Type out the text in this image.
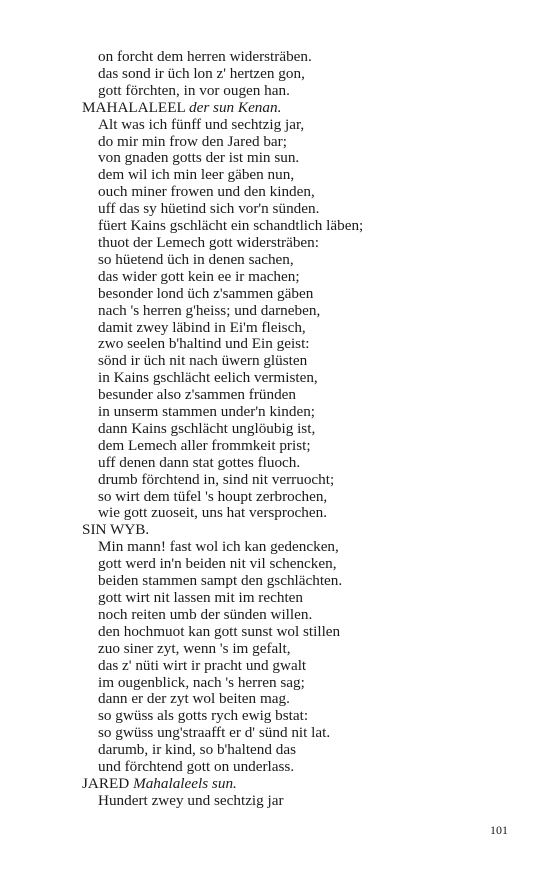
on forcht dem herren widersträben.
das sond ir üch lon z' hertzen gon,
gott förchten, in vor ougen han.
MAHALALEEL der sun Kenan.
Alt was ich fünff und sechtzig jar,
do mir min frow den Jared bar;
von gnaden gotts der ist min sun.
dem wil ich min leer gäben nun,
ouch miner frowen und den kinden,
uff das sy hüetind sich vor'n sünden.
füert Kains gschlächt ein schandtlich läben;
thuot der Lemech gott widersträben:
so hüetend üch in denen sachen,
das wider gott kein ee ir machen;
besonder lond üch z'sammen gäben
nach 's herren g'heiss; und darneben,
damit zwey läbind in Ei'm fleisch,
zwo seelen b'haltind und Ein geist:
sönd ir üch nit nach üwern glüsten
in Kains gschlächt eelich vermisten,
besunder also z'sammen fründen
in unserm stammen under'n kinden;
dann Kains gschlächt unglöubig ist,
dem Lemech aller frommkeit prist;
uff denen dann stat gottes fluoch.
drumb förchtend in, sind nit verruocht;
so wirt dem tüfel 's houpt zerbrochen,
wie gott zuoseit, uns hat versprochen.
SIN WYB.
Min mann! fast wol ich kan gedencken,
gott werd in'n beiden nit vil schencken,
beiden stammen sampt den gschlächten.
gott wirt nit lassen mit im rechten
noch reiten umb der sünden willen.
den hochmuot kan gott sunst wol stillen
zuo siner zyt, wenn 's im gefalt,
das z' nüti wirt ir pracht und gwalt
im ougenblick, nach 's herren sag;
dann er der zyt wol beiten mag.
so gwüss als gotts rych ewig bstat:
so gwüss ung'straafft er d' sünd nit lat.
darumb, ir kind, so b'haltend das
und förchtend gott on underlass.
JARED Mahalaleels sun.
Hundert zwey und sechtzig jar
101
